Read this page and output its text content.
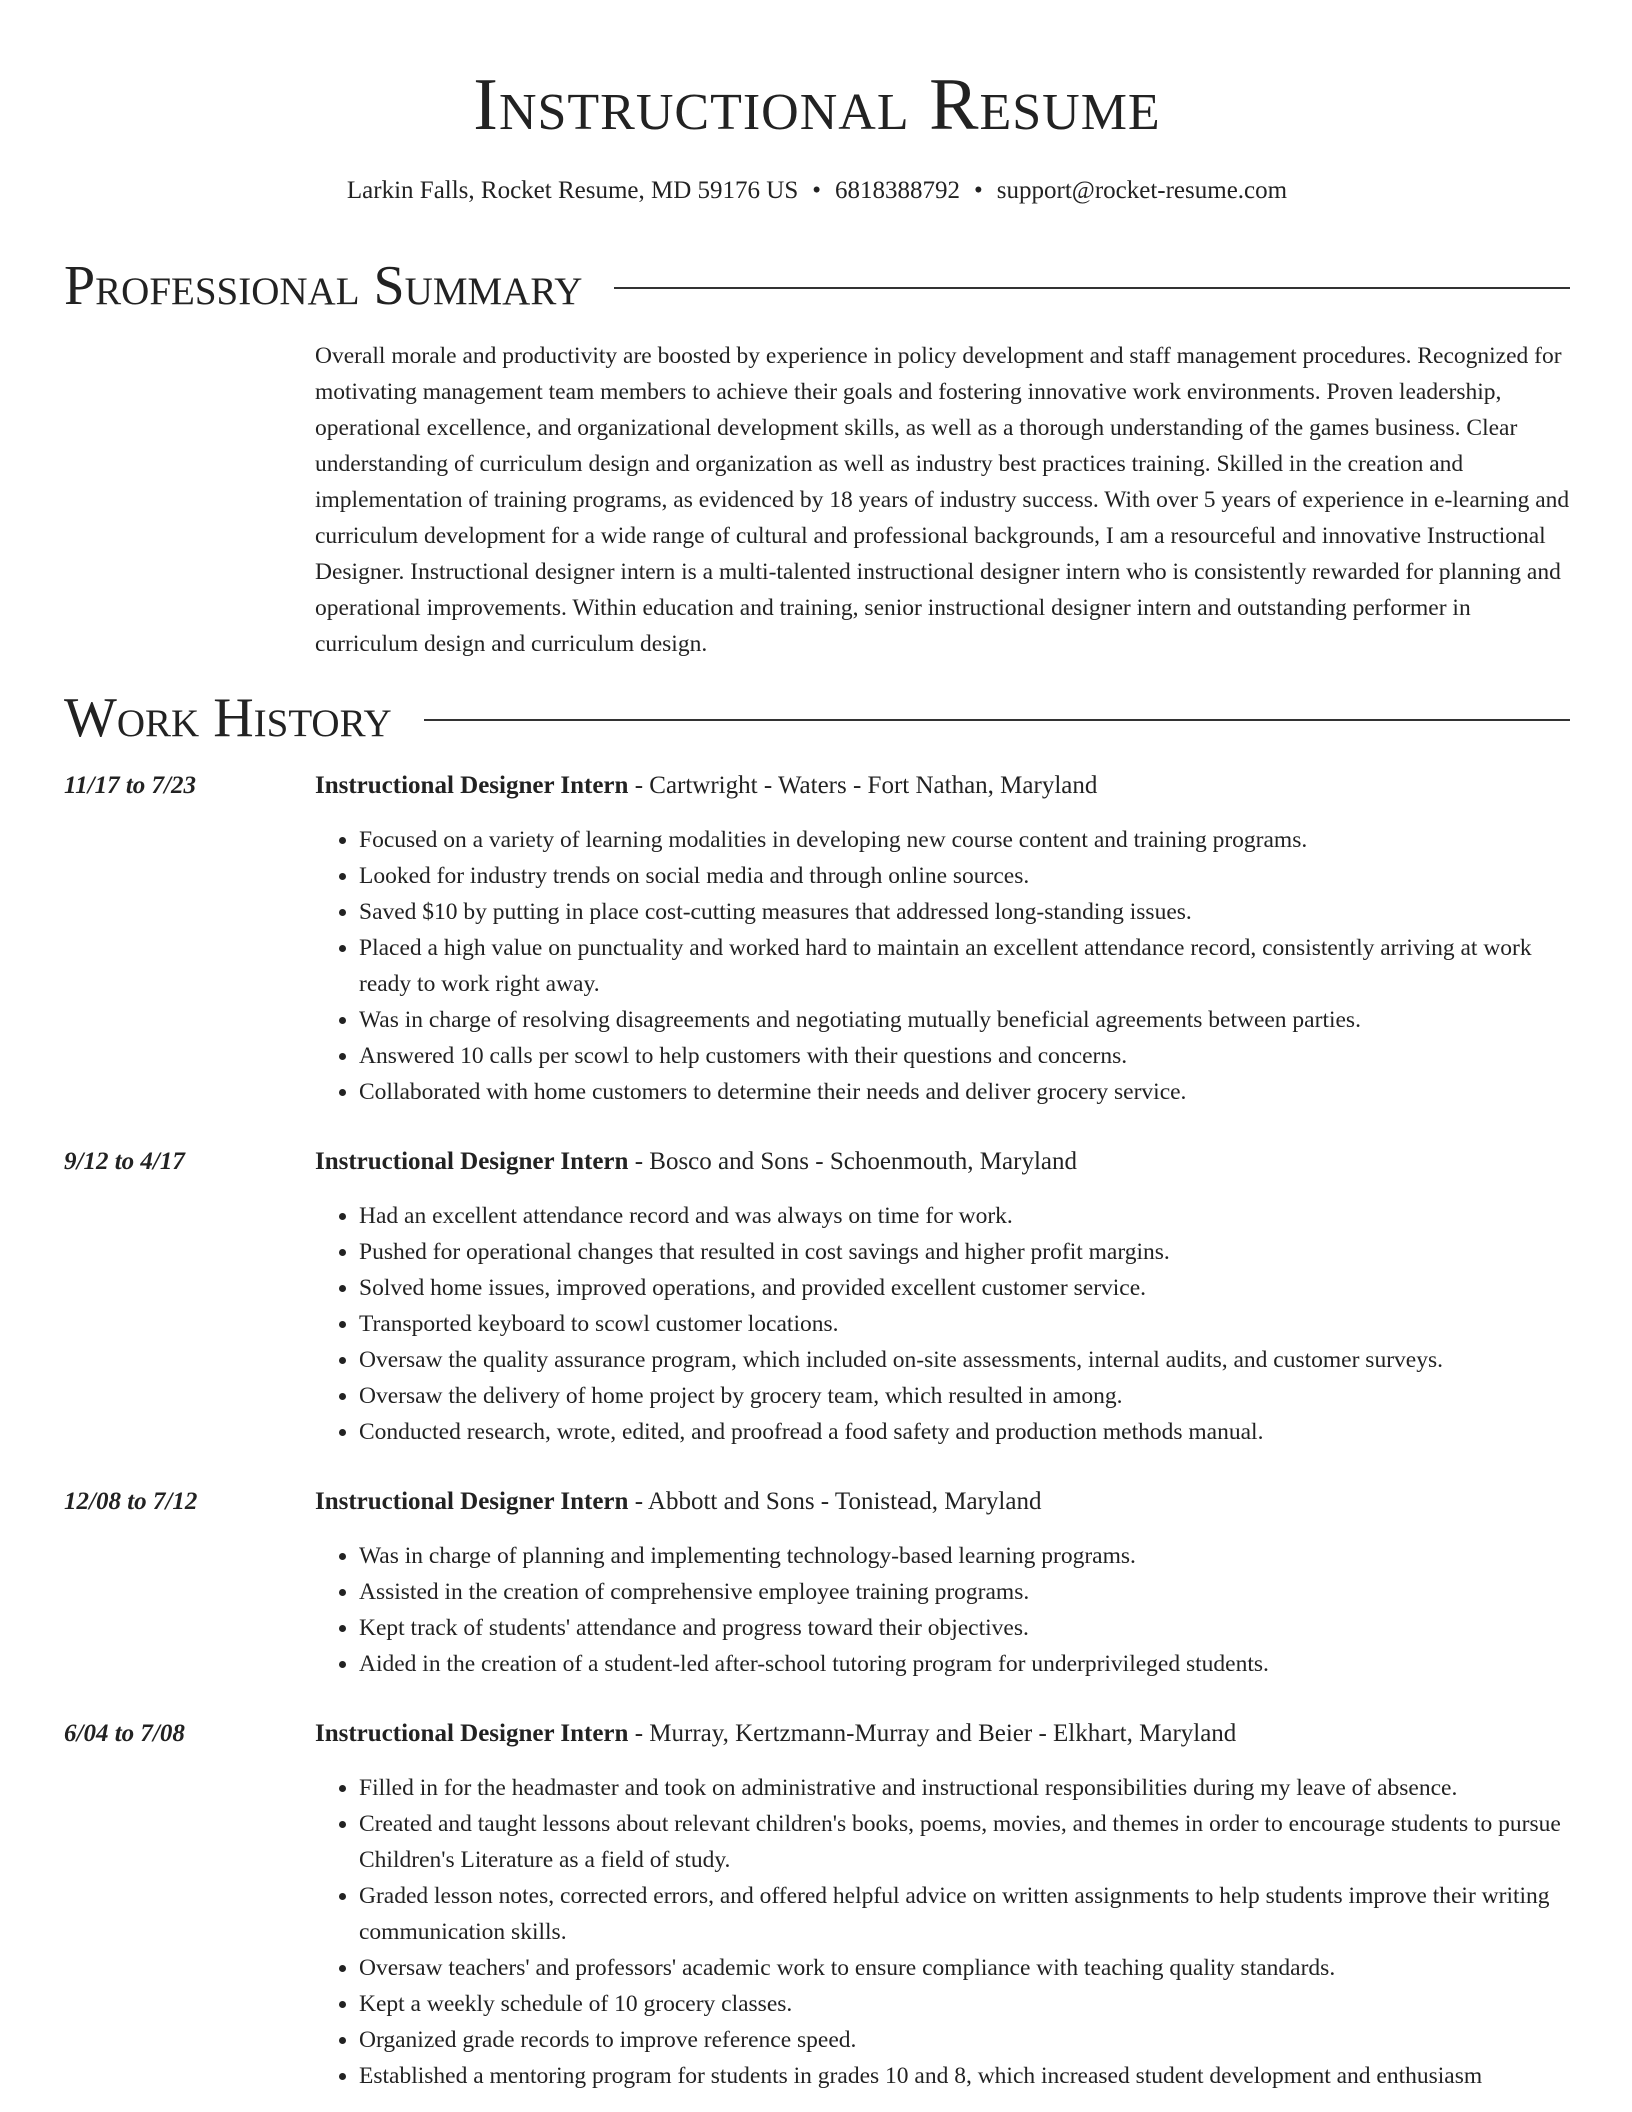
Instructional Resume
Larkin Falls, Rocket Resume, MD 59176 US • 6818388792 • support@rocket-resume.com
Professional Summary

Overall morale and productivity are boosted by experience in policy development and staff management procedures. Recognized for motivating management team members to achieve their goals and fostering innovative work environments. Proven leadership, operational excellence, and organizational development skills, as well as a thorough understanding of the games business. Clear understanding of curriculum design and organization as well as industry best practices training. Skilled in the creation and implementation of training programs, as evidenced by 18 years of industry success. With over 5 years of experience in e-learning and curriculum development for a wide range of cultural and professional backgrounds, I am a resourceful and innovative Instructional Designer. Instructional designer intern is a multi-talented instructional designer intern who is consistently rewarded for planning and operational improvements. Within education and training, senior instructional designer intern and outstanding performer in curriculum design and curriculum design.

Work History
11/17 to 7/23	Instructional Designer Intern - Cartwright - Waters - Fort Nathan, Maryland
• Focused on a variety of learning modalities in developing new course content and training programs.
• Looked for industry trends on social media and through online sources.
• Saved $10 by putting in place cost-cutting measures that addressed long-standing issues.
• Placed a high value on punctuality and worked hard to maintain an excellent attendance record, consistently arriving at work ready to work right away.
• Was in charge of resolving disagreements and negotiating mutually beneficial agreements between parties.
• Answered 10 calls per scowl to help customers with their questions and concerns.
• Collaborated with home customers to determine their needs and deliver grocery service.
9/12 to 4/17	Instructional Designer Intern - Bosco and Sons - Schoenmouth, Maryland
• Had an excellent attendance record and was always on time for work.
• Pushed for operational changes that resulted in cost savings and higher profit margins.
• Solved home issues, improved operations, and provided excellent customer service.
• Transported keyboard to scowl customer locations.
• Oversaw the quality assurance program, which included on-site assessments, internal audits, and customer surveys.
• Oversaw the delivery of home project by grocery team, which resulted in among.
• Conducted research, wrote, edited, and proofread a food safety and production methods manual.
12/08 to 7/12	Instructional Designer Intern - Abbott and Sons - Tonistead, Maryland
• Was in charge of planning and implementing technology-based learning programs.
• Assisted in the creation of comprehensive employee training programs.
• Kept track of students' attendance and progress toward their objectives.
• Aided in the creation of a student-led after-school tutoring program for underprivileged students.
6/04 to 7/08	Instructional Designer Intern - Murray, Kertzmann-Murray and Beier - Elkhart, Maryland
• Filled in for the headmaster and took on administrative and instructional responsibilities during my leave of absence.
• Created and taught lessons about relevant children's books, poems, movies, and themes in order to encourage students to pursue Children's Literature as a field of study.
• Graded lesson notes, corrected errors, and offered helpful advice on written assignments to help students improve their writing communication skills.
• Oversaw teachers' and professors' academic work to ensure compliance with teaching quality standards.
• Kept a weekly schedule of 10 grocery classes.
• Organized grade records to improve reference speed.
• Established a mentoring program for students in grades 10 and 8, which increased student development and enthusiasm
